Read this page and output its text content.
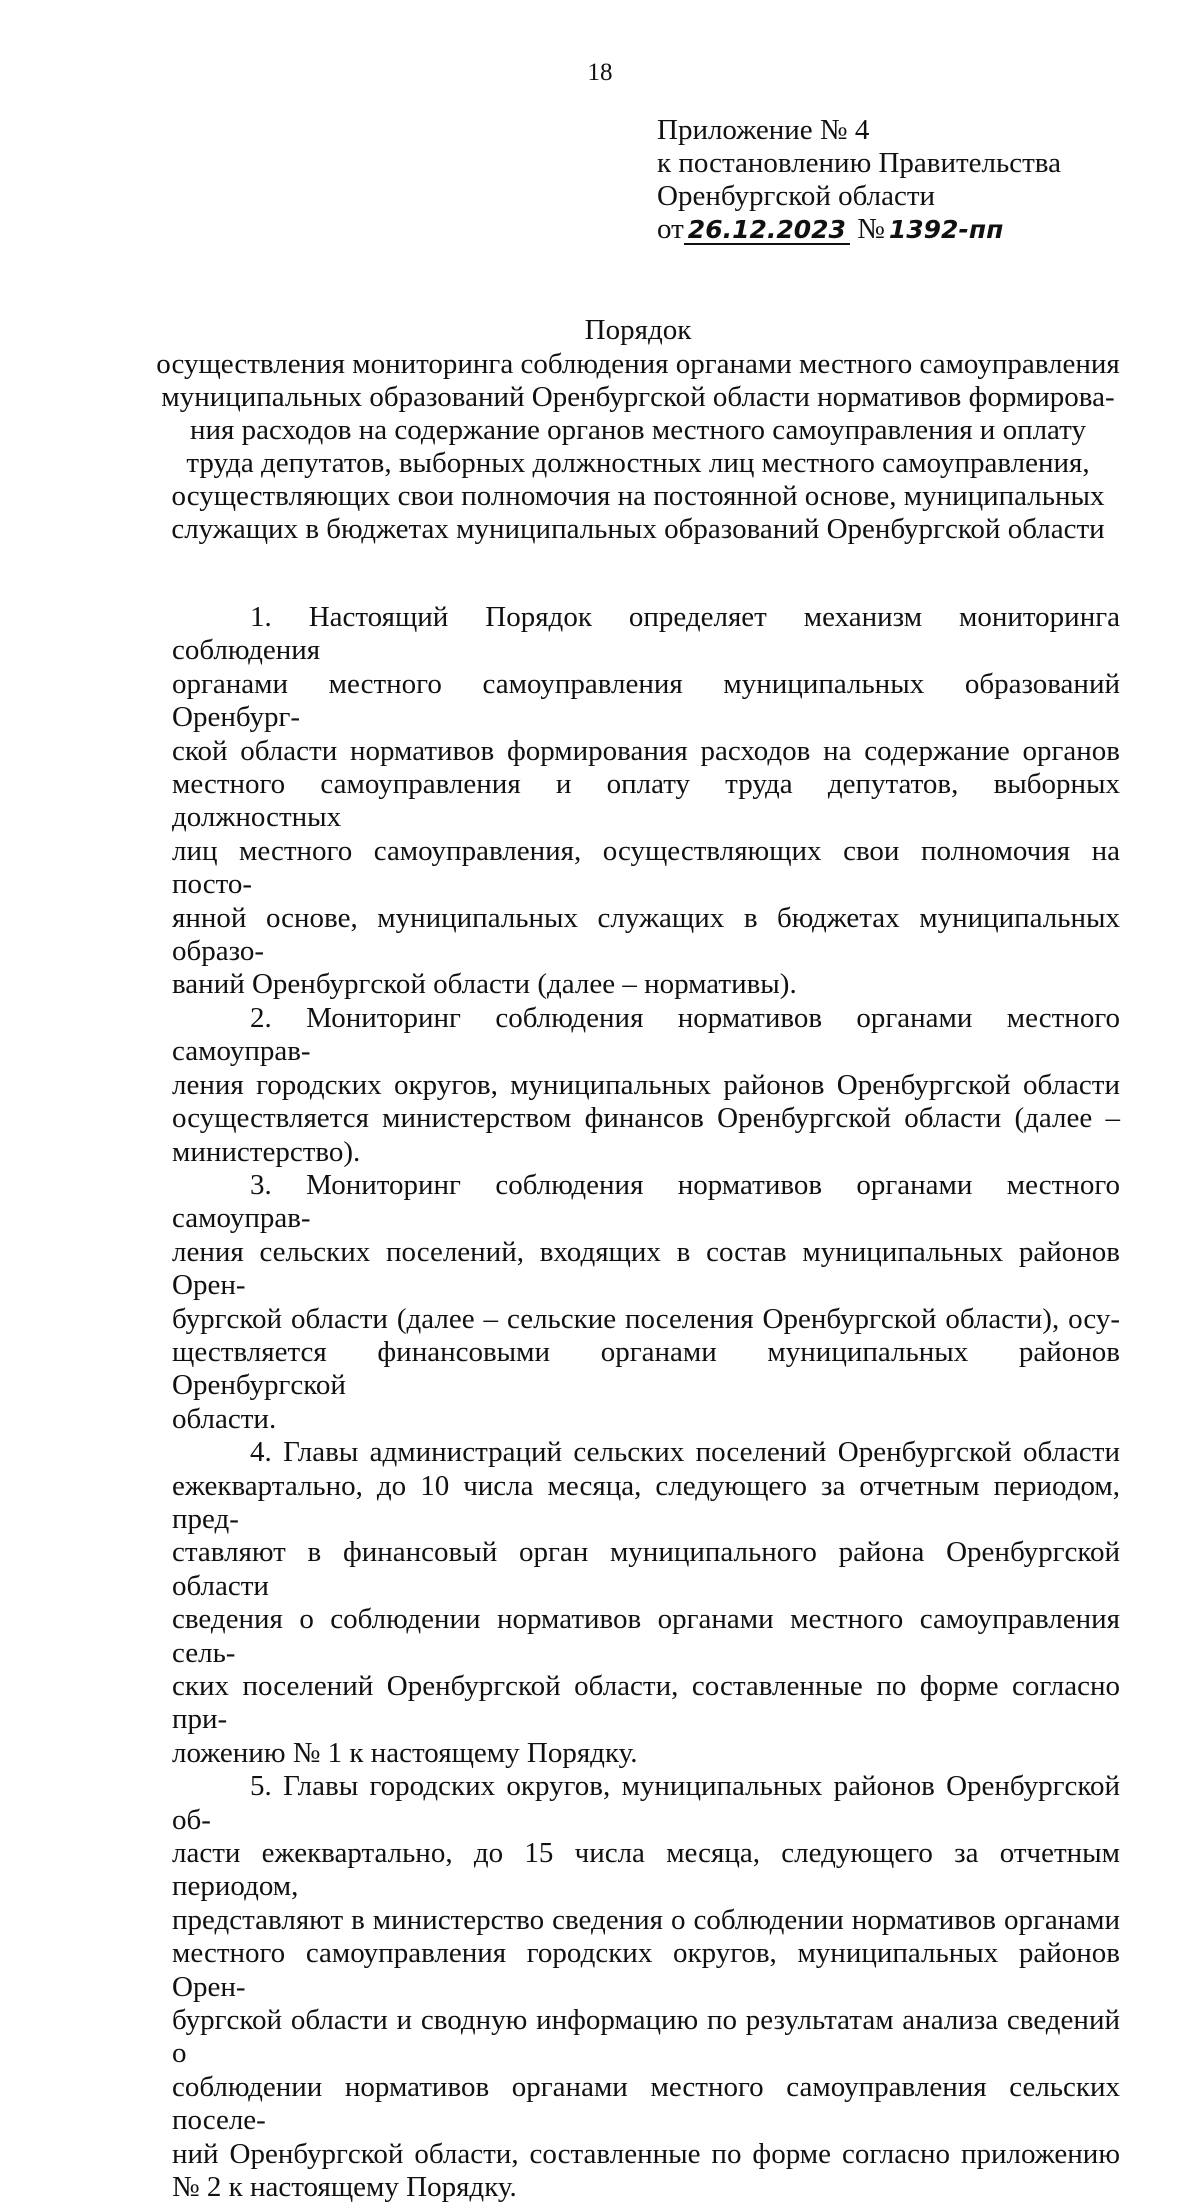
18
Приложение № 4
к постановлению Правительства
Оренбургской области
от 26.12.2023 № 1392-пп
Порядок
осуществления мониторинга соблюдения органами местного самоуправления
муниципальных образований Оренбургской области нормативов формирова-
ния расходов на содержание органов местного самоуправления и оплату
труда депутатов, выборных должностных лиц местного самоуправления,
осуществляющих свои полномочия на постоянной основе, муниципальных
служащих в бюджетах муниципальных образований Оренбургской области
1. Настоящий Порядок определяет механизм мониторинга соблюдения
органами местного самоуправления муниципальных образований Оренбург-
ской области нормативов формирования расходов на содержание органов
местного самоуправления и оплату труда депутатов, выборных должностных
лиц местного самоуправления, осуществляющих свои полномочия на посто-
янной основе, муниципальных служащих в бюджетах муниципальных образо-
ваний Оренбургской области (далее – нормативы).
2. Мониторинг соблюдения нормативов органами местного самоуправ-
ления городских округов, муниципальных районов Оренбургской области
осуществляется министерством финансов Оренбургской области (далее –
министерство).
3. Мониторинг соблюдения нормативов органами местного самоуправ-
ления сельских поселений, входящих в состав муниципальных районов Орен-
бургской области (далее – сельские поселения Оренбургской области), осу-
ществляется финансовыми органами муниципальных районов Оренбургской
области.
4. Главы администраций сельских поселений Оренбургской области
ежеквартально, до 10 числа месяца, следующего за отчетным периодом, пред-
ставляют в финансовый орган муниципального района Оренбургской области
сведения о соблюдении нормативов органами местного самоуправления сель-
ских поселений Оренбургской области, составленные по форме согласно при-
ложению № 1 к настоящему Порядку.
5. Главы городских округов, муниципальных районов Оренбургской об-
ласти ежеквартально, до 15 числа месяца, следующего за отчетным периодом,
представляют в министерство сведения о соблюдении нормативов органами
местного самоуправления городских округов, муниципальных районов Орен-
бургской области и сводную информацию по результатам анализа сведений о
соблюдении нормативов органами местного самоуправления сельских поселе-
ний Оренбургской области, составленные по форме согласно приложению
№ 2 к настоящему Порядку.
